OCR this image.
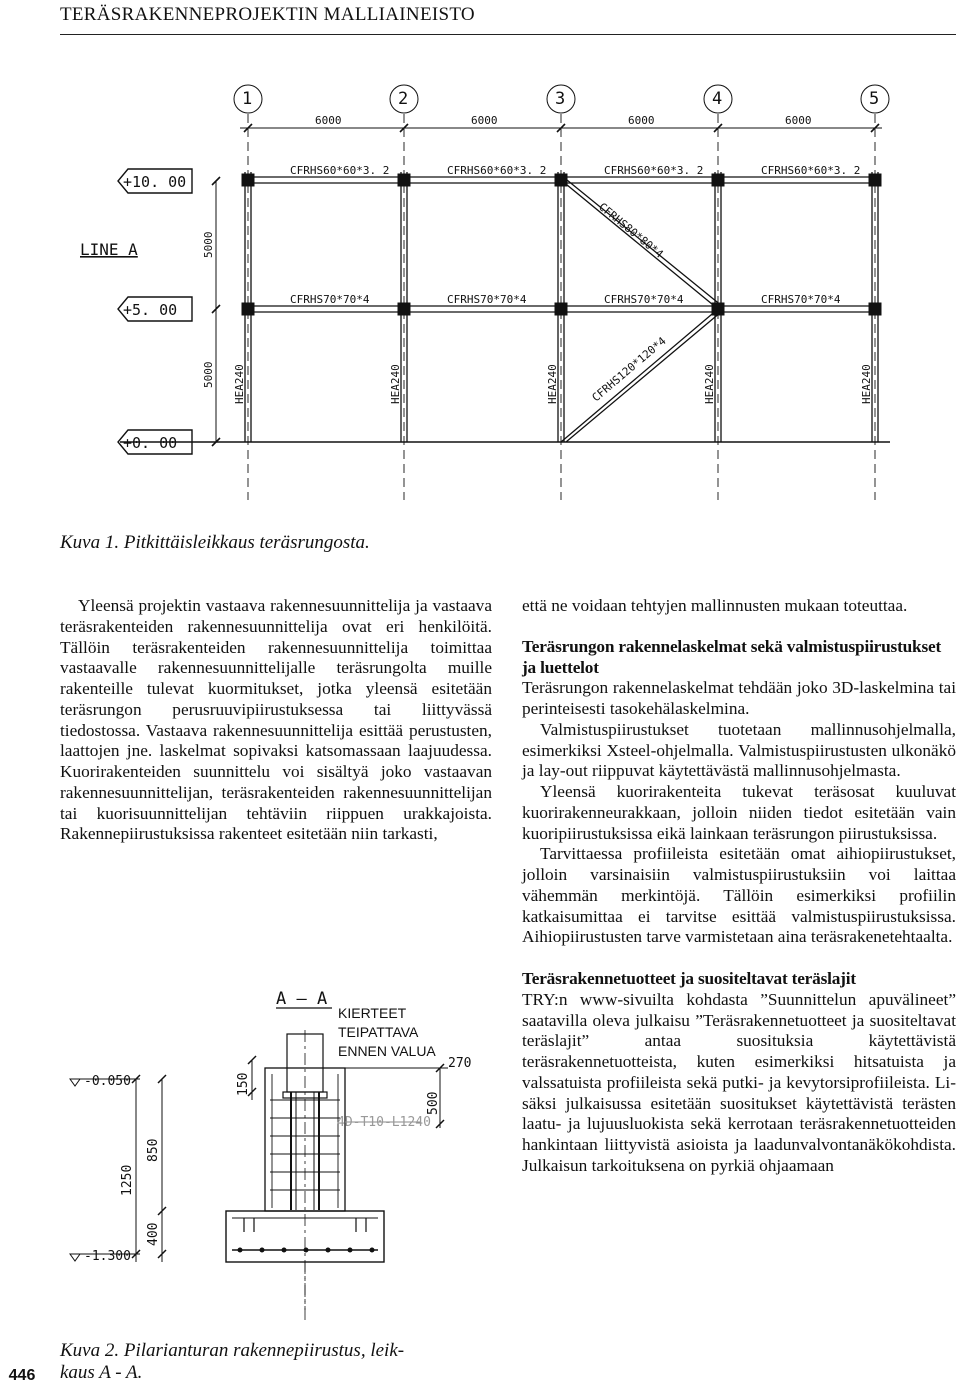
TERÄSRAKENNEPROJEKTIN MALLIAINEISTO
1	2	3	4	5
6000	6000	6000	6000
+10. 00
+5. 00
+0. 00
LINE A	5000
5000
CFRHS60*60*3. 2	CFRHS60*60*3. 2	CFRHS60*60*3. 2	CFRHS60*60*3. 2
CFRHS70*70*4	CFRHS70*70*4	CFRHS70*70*4	CFRHS70*70*4
HEA240	HEA240	HEA240	HEA240	HEA240
CFRHS80*80*4
CFRHS120*120*4
A – A
KIERTEET
TEIPATTAVA
ENNEN VALUA
270
500
150
4D-T10-L1240
-0.050
-1.300
1250
850
400
Kuva 1. Pitkittäisleikkaus teräsrungosta.
Kuva 2. Pilarianturan rakennepiirustus, leik-
kaus A - A.

Yleensä projektin vastaava rakennesuunnittelija ja vastaava teräsrakenteiden rakennesuunnittelija ovat eri henkilöitä. Tällöin teräsrakenteiden rakennesuunnittelija toimittaa vastaavalle rakennesuunnittelijalle teräsrungolta muille rakenteille tulevat kuormitukset, jotka yleensä esitetään teräsrungon perusruuvipiirustuksessa tai liittyvässä tiedostossa. Vastaava rakennesuunnittelija esittää perustusten, laattojen jne. laskelmat sopivaksi katsomassaan laajuudessa. Kuorirakenteiden suunnittelu voi sisältyä joko vastaavan rakennesuunnittelijan, teräsrakenteiden rakennesuunnittelijan tai kuorisuunnittelijan tehtäviin riippuen urakkajoista. Rakennepiirustuksissa rakenteet esitetään niin tarkasti,

että ne voidaan tehtyjen mallinnusten mukaan toteuttaa.

Teräsrungon rakennelaskelmat sekä valmistuspiirustukset ja luettelot

Teräsrungon rakennelaskelmat tehdään joko 3D-laskelmina tai perinteisesti tasokehälaskelmina.

Valmistuspiirustukset tuotetaan mallinnusohjelmalla, esimerkiksi Xsteel-ohjelmalla. Valmistuspiirustusten ulkonäkö ja lay-out riippuvat käytettävästä mallinnusohjelmasta.

Yleensä kuorirakenteita tukevat teräsosat kuuluvat kuorirakenneurakkaan, jolloin niiden tiedot esitetään vain kuoripiirustuksissa eikä lainkaan teräsrungon piirustuksissa.

Tarvittaessa profiileista esitetään omat aihiopiirustukset, jolloin varsinaisiin valmistuspiirustuksiin voi laittaa vähemmän merkintöjä. Tällöin esimerkiksi profiilin katkaisumittaa ei tarvitse esittää valmistuspiirustuksissa. Aihiopiirustusten tarve varmistetaan aina teräsrakenetehtaalta.

Teräsrakennetuotteet ja suositeltavat teräslajit

TRY:n www-sivuilta kohdasta ”Suunnittelun apuvälineet” saatavilla oleva julkaisu ”Teräsrakennetuotteet ja suositeltavat teräslajit” antaa suosituksia käytettävistä teräsrakennetuotteista, kuten esimerkiksi hitsatuista ja valssatuista profiileista sekä putki- ja kevytorsiprofiileista. Lisäksi julkaisussa esitetään suositukset käytettävistä terästen laatu- ja lujuusluokista sekä kerrotaan teräsrakennetuotteiden hankintaan liittyvistä asioista ja laadunvalvontanäkökohdista. Julkaisun tarkoituksena on pyrkiä ohjaamaan

446
